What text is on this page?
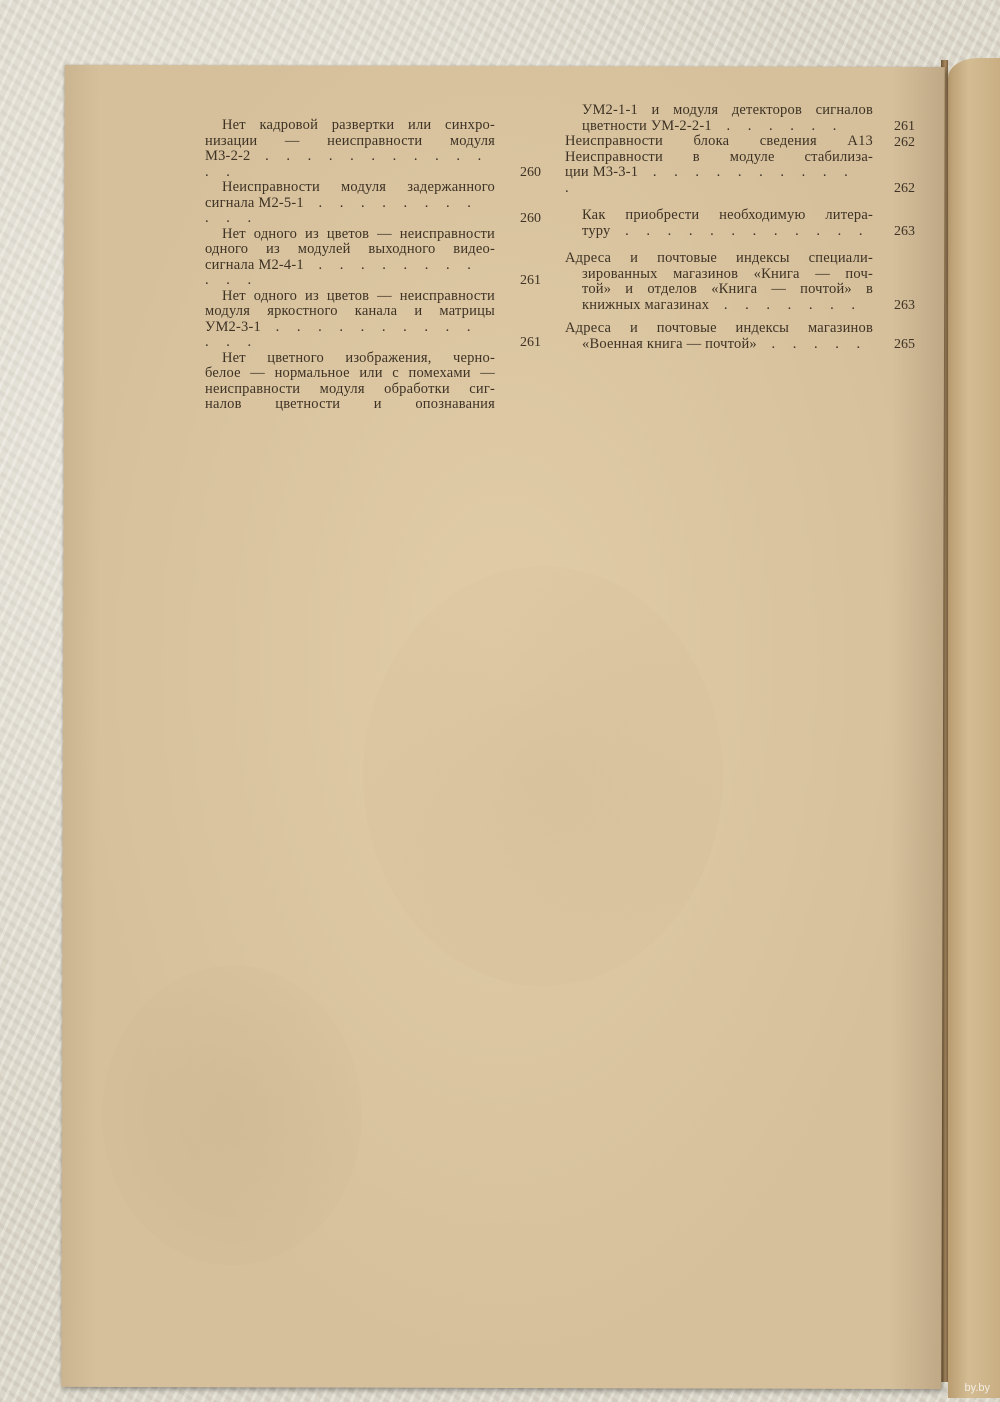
Нет кадровой развертки или синхро-
низации — неисправности модуля
М3-2-2 . . . . . . . . . . . . .	260
Неисправности модуля задержанного
сигнала М2-5-1 . . . . . . . . . . .	260
Нет одного из цветов — неисправности
одного из модулей выходного видео-
сигнала М2-4-1 . . . . . . . . . . .	261
Нет одного из цветов — неисправности
модуля яркостного канала и матрицы
УМ2-3-1 . . . . . . . . . . . . .	261
Нет цветного изображения, черно-
белое — нормальное или с помехами —
неисправности модуля обработки сиг-
налов цветности и опознавания
УМ2-1-1 и модуля детекторов сигналов
цветности УМ-2-2-1 . . . . . .	261
Неисправности блока сведения А13	262
Неисправности в модуле стабилиза-
ции М3-3-1 . . . . . . . . . . .	262
Как приобрести необходимую литера-
туру . . . . . . . . . . . .	263
Адреса и почтовые индексы специали-
зированных магазинов «Книга — поч-
той» и отделов «Книга — почтой» в
книжных магазинах . . . . . . .	263
Адреса и почтовые индексы магазинов
«Военная книга — почтой» . . . . .	265
by.by
